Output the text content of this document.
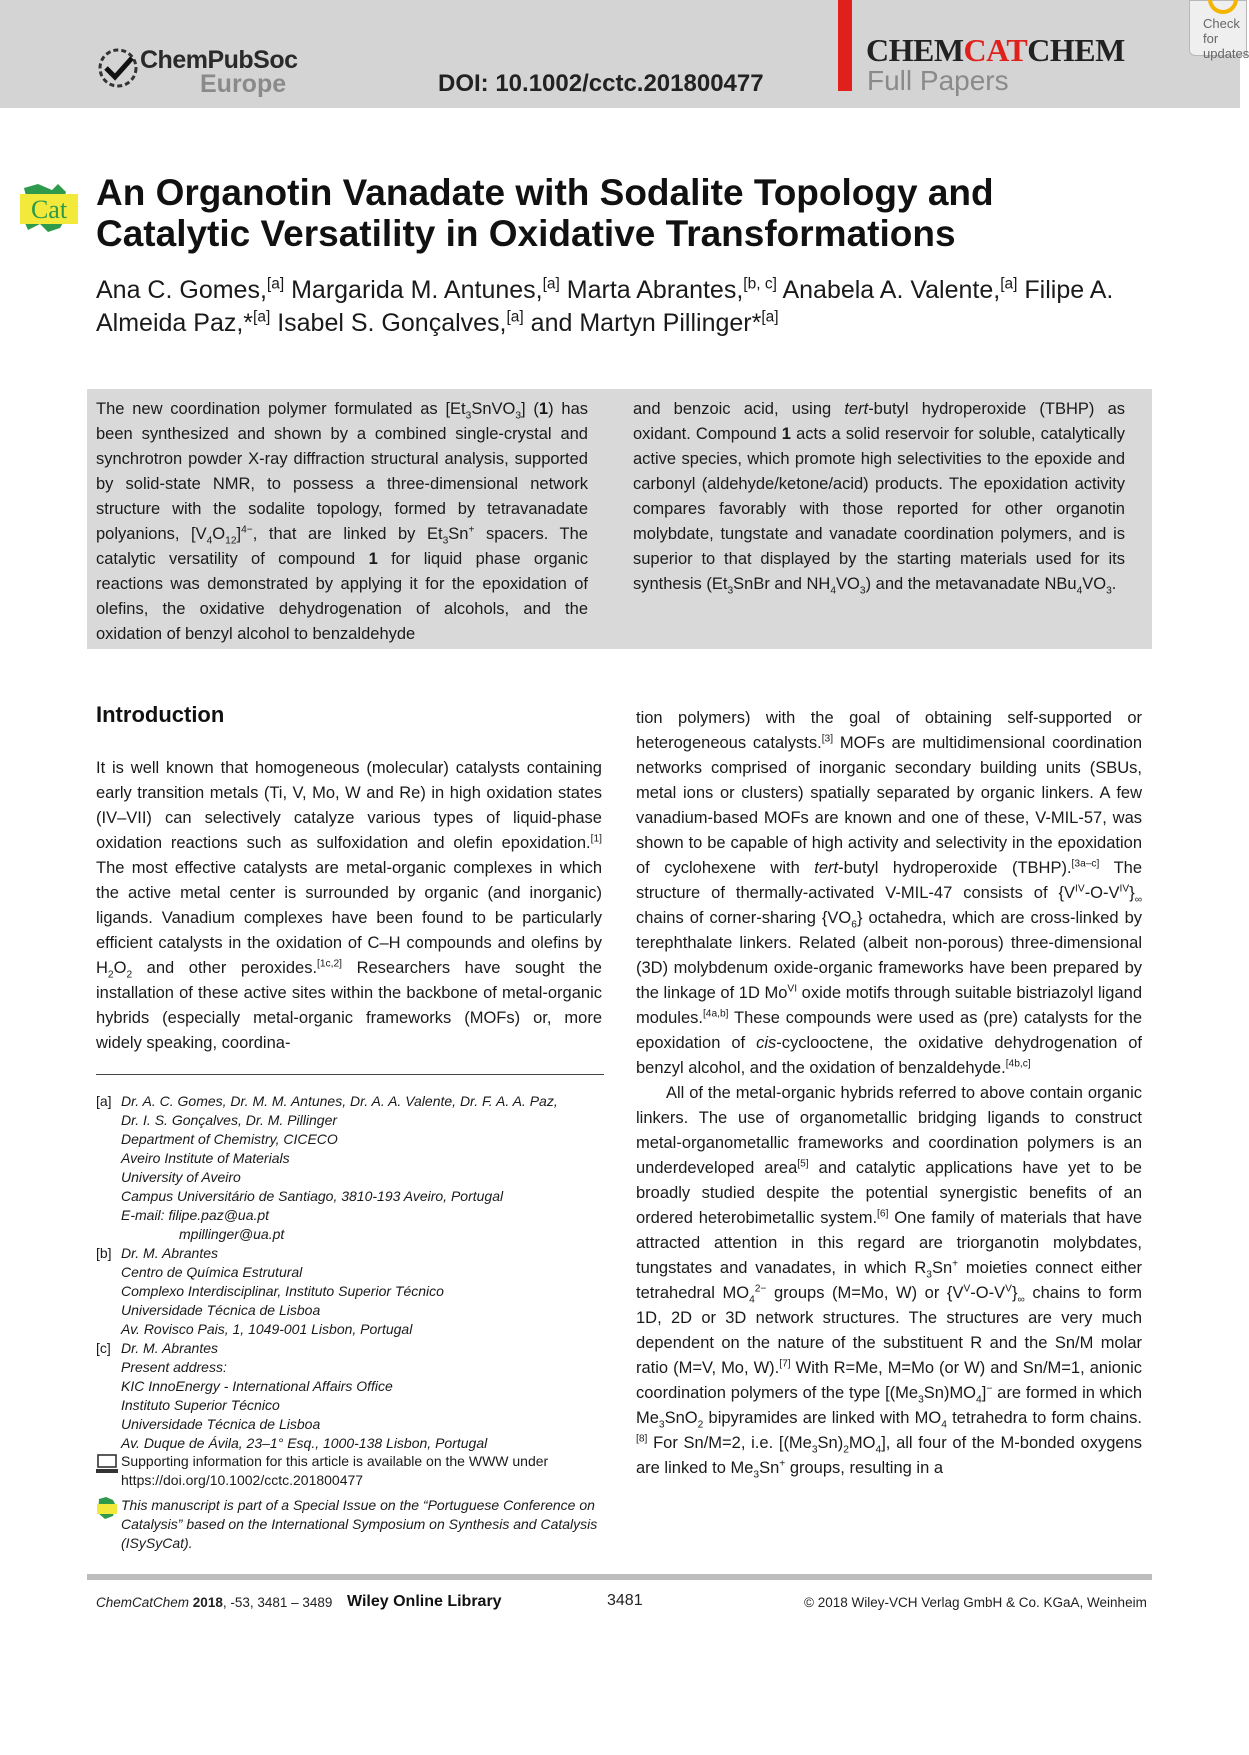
ChemPubSoc
Europe	DOI: 10.1002/cctc.201800477
CHEMCATCHEM
Full Papers
Check for updates
Cat An Organotin Vanadate with Sodalite Topology and Catalytic Versatility in Oxidative Transformations
Ana C. Gomes,[a] Margarida M. Antunes,[a] Marta Abrantes,[b, c] Anabela A. Valente,[a] Filipe A. Almeida Paz,*[a] Isabel S. Gonçalves,[a] and Martyn Pillinger*[a]
The new coordination polymer formulated as $[Et_3SnVO_3]$ (1) has been synthesized and shown by a combined single-crystal and synchrotron powder X-ray diffraction structural analysis, supported by solid-state NMR, to possess a three-dimensional network structure with the sodalite topology, formed by tetravanadate polyanions, $[V_4O_{12}]^{4-}$, that are linked by $Et_3Sn^+$ spacers. The catalytic versatility of compound 1 for liquid phase organic reactions was demonstrated by applying it for the epoxidation of olefins, the oxidative dehydrogenation of alcohols, and the oxidation of benzyl alcohol to benzaldehyde
and benzoic acid, using tert-butyl hydroperoxide (TBHP) as oxidant. Compound 1 acts a solid reservoir for soluble, catalytically active species, which promote high selectivities to the epoxide and carbonyl (aldehyde/ketone/acid) products. The epoxidation activity compares favorably with those reported for other organotin molybdate, tungstate and vanadate coordination polymers, and is superior to that displayed by the starting materials used for its synthesis ($Et_3SnBr$ and $NH_4VO_3$) and the metavanadate $NBu_4VO_3$.
Introduction

It is well known that homogeneous (molecular) catalysts containing early transition metals (Ti, V, Mo, W and Re) in high oxidation states (IV–VII) can selectively catalyze various types of liquid-phase oxidation reactions such as sulfoxidation and olefin epoxidation.[1] The most effective catalysts are metal-organic complexes in which the active metal center is surrounded by organic (and inorganic) ligands. Vanadium complexes have been found to be particularly efficient catalysts in the oxidation of C–H compounds and olefins by $H_2O_2$ and other peroxides.[1c,2] Researchers have sought the installation of these active sites within the backbone of metal-organic hybrids (especially metal-organic frameworks (MOFs) or, more widely speaking, coordina-

tion polymers) with the goal of obtaining self-supported or heterogeneous catalysts.[3] MOFs are multidimensional coordination networks comprised of inorganic secondary building units (SBUs, metal ions or clusters) spatially separated by organic linkers. A few vanadium-based MOFs are known and one of these, V-MIL-57, was shown to be capable of high activity and selectivity in the epoxidation of cyclohexene with tert-butyl hydroperoxide (TBHP).[3a–c] The structure of thermally-activated V-MIL-47 consists of $\{V^{IV}-O-V^{IV}\}_\infty$ chains of corner-sharing $\{VO_6\}$ octahedra, which are cross-linked by terephthalate linkers. Related (albeit non-porous) three-dimensional (3D) molybdenum oxide-organic frameworks have been prepared by the linkage of 1D $Mo^{VI}$ oxide motifs through suitable bistriazolyl ligand modules.[4a,b] These compounds were used as (pre) catalysts for the epoxidation of cis-cyclooctene, the oxidative dehydrogenation of benzyl alcohol, and the oxidation of benzaldehyde.[4b,c]

All of the metal-organic hybrids referred to above contain organic linkers. The use of organometallic bridging ligands to construct metal-organometallic frameworks and coordination polymers is an underdeveloped area[5] and catalytic applications have yet to be broadly studied despite the potential synergistic benefits of an ordered heterobimetallic system.[6] One family of materials that have attracted attention in this regard are triorganotin molybdates, tungstates and vanadates, in which $R_3Sn^+$ moieties connect either tetrahedral $MO_4^{2-}$ groups (M=Mo, W) or $\{V^V-O-V^V\}_\infty$ chains to form 1D, 2D or 3D network structures. The structures are very much dependent on the nature of the substituent R and the Sn/M molar ratio (M=V, Mo, W).[7] With R=Me, M=Mo (or W) and Sn/M=1, anionic coordination polymers of the type $[(Me_3Sn)MO_4]^-$ are formed in which $Me_3SnO_2$ bipyramides are linked with $MO_4$ tetrahedra to form chains.[8] For Sn/M=2, i.e. $[(Me_3Sn)_2MO_4]$, all four of the M-bonded oxygens are linked to $Me_3Sn^+$ groups, resulting in a

[a] Dr. A. C. Gomes, Dr. M. M. Antunes, Dr. A. A. Valente, Dr. F. A. A. Paz,
Dr. I. S. Gonçalves, Dr. M. Pillinger
Department of Chemistry, CICECO
Aveiro Institute of Materials
University of Aveiro
Campus Universitário de Santiago, 3810-193 Aveiro, Portugal
E-mail: filipe.paz@ua.pt
mpillinger@ua.pt
[b] Dr. M. Abrantes
Centro de Química Estrutural
Complexo Interdisciplinar, Instituto Superior Técnico
Universidade Técnica de Lisboa
Av. Rovisco Pais, 1, 1049-001 Lisbon, Portugal
[c] Dr. M. Abrantes
Present address:
KIC InnoEnergy - International Affairs Office
Instituto Superior Técnico
Universidade Técnica de Lisboa
Av. Duque de Ávila, 23–1° Esq., 1000-138 Lisbon, Portugal
Supporting information for this article is available on the WWW under https://doi.org/10.1002/cctc.201800477
This manuscript is part of a Special Issue on the “Portuguese Conference on Catalysis” based on the International Symposium on Synthesis and Catalysis (ISySyCat).
ChemCatChem 2018, -53, 3481 – 3489 Wiley Online Library	3481	© 2018 Wiley-VCH Verlag GmbH & Co. KGaA, Weinheim
